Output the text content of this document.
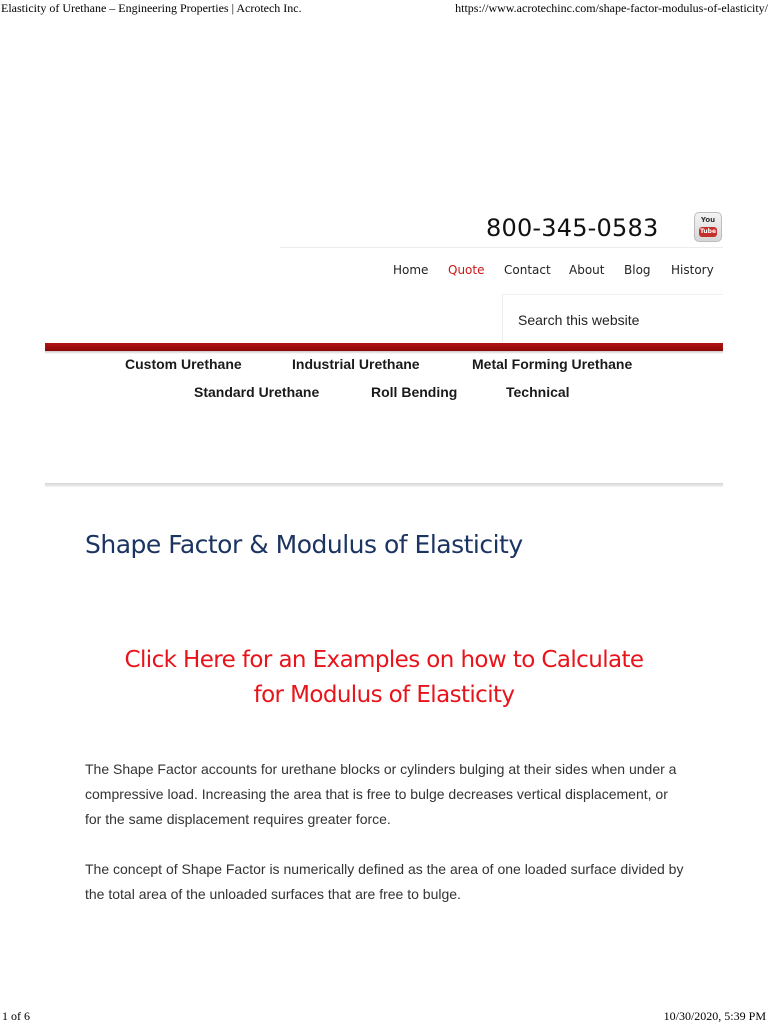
Elasticity of Urethane – Engineering Properties | Acrotech Inc.	https://www.acrotechinc.com/shape-factor-modulus-of-elasticity/
800-345-0583	You
Tube
Home Quote Contact About Blog History
Search this website
Custom Urethane	Industrial Urethane	Metal Forming Urethane
Standard Urethane	Roll Bending	Technical
Shape Factor & Modulus of Elasticity
Click Here for an Examples on how to Calculate
for Modulus of Elasticity

The Shape Factor accounts for urethane blocks or cylinders bulging at their sides when under a compressive load. Increasing the area that is free to bulge decreases vertical displacement, or for the same displacement requires greater force.

The concept of Shape Factor is numerically defined as the area of one loaded surface divided by the total area of the unloaded surfaces that are free to bulge.

1 of 6	10/30/2020, 5:39 PM
